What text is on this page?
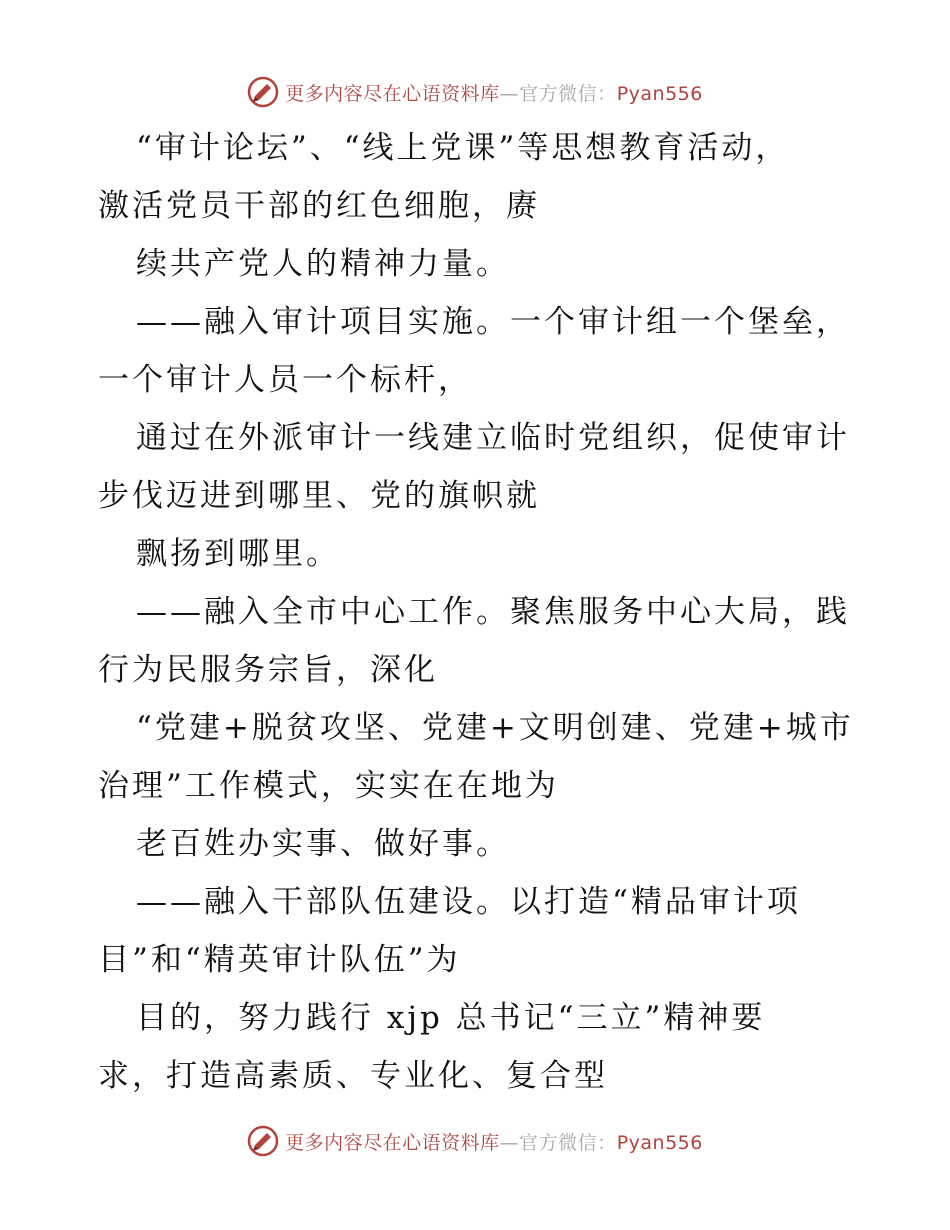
更多内容尽在心语资料库—官方微信：Pyan556
“审计论坛”、“线上党课”等思想教育活动，
激活党员干部的红色细胞，赓
续共产党人的精神力量。
——融入审计项目实施。一个审计组一个堡垒，
一个审计人员一个标杆，
通过在外派审计一线建立临时党组织，促使审计
步伐迈进到哪里、党的旗帜就
飘扬到哪里。
——融入全市中心工作。聚焦服务中心大局，践
行为民服务宗旨，深化
“党建+脱贫攻坚、党建+文明创建、党建+城市
治理”工作模式，实实在在地为
老百姓办实事、做好事。
——融入干部队伍建设。以打造“精品审计项
目”和“精英审计队伍”为
目的，努力践行 xjp 总书记“三立”精神要
求，打造高素质、专业化、复合型
更多内容尽在心语资料库—官方微信：Pyan556
